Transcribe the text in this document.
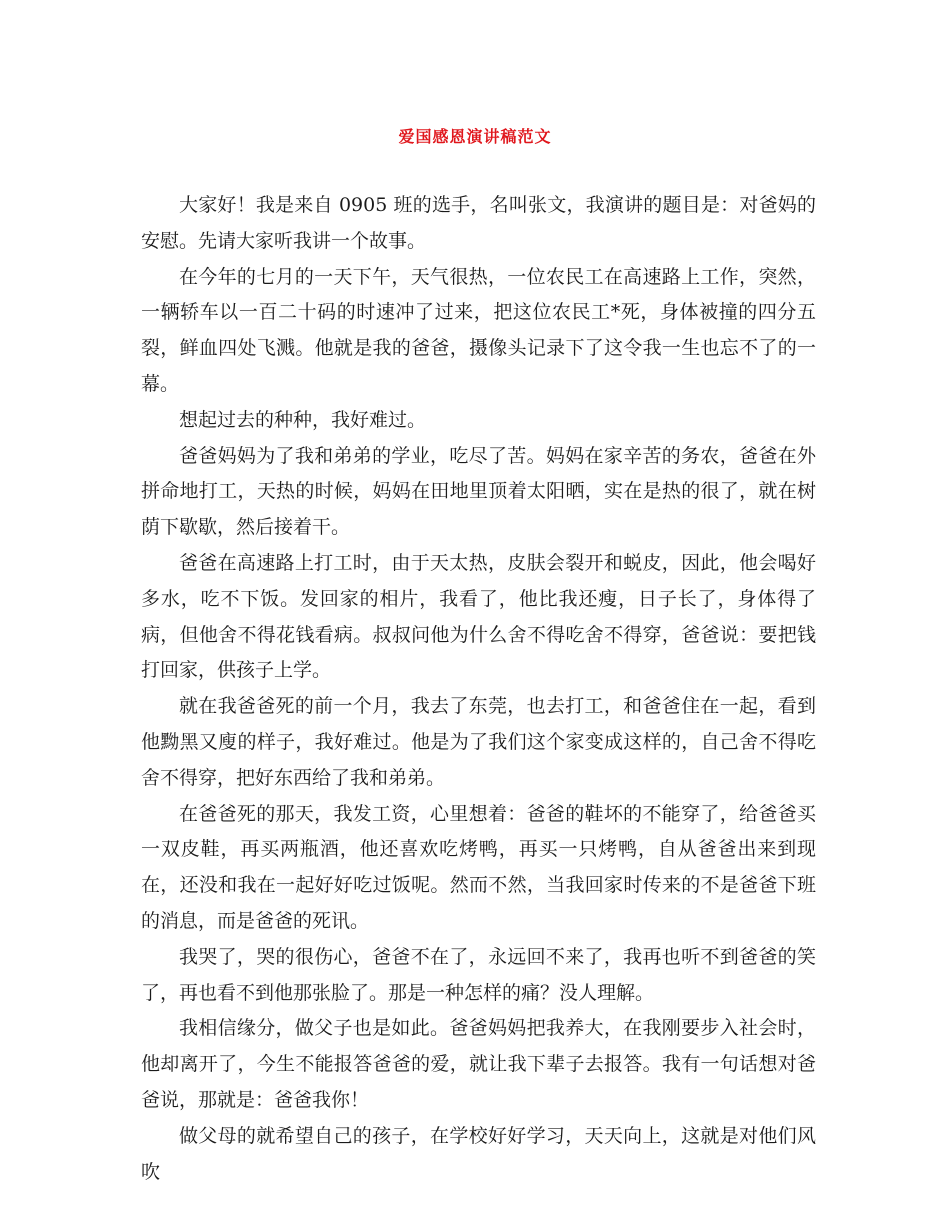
爱国感恩演讲稿范文

大家好！我是来自 0905 班的选手，名叫张文，我演讲的题目是：对爸妈的安慰。先请大家听我讲一个故事。

在今年的七月的一天下午，天气很热，一位农民工在高速路上工作，突然，一辆轿车以一百二十码的时速冲了过来，把这位农民工*死，身体被撞的四分五裂，鲜血四处飞溅。他就是我的爸爸，摄像头记录下了这令我一生也忘不了的一幕。

想起过去的种种，我好难过。

爸爸妈妈为了我和弟弟的学业，吃尽了苦。妈妈在家辛苦的务农，爸爸在外拼命地打工，天热的时候，妈妈在田地里顶着太阳晒，实在是热的很了，就在树荫下歇歇，然后接着干。

爸爸在高速路上打工时，由于天太热，皮肤会裂开和蜕皮，因此，他会喝好多水，吃不下饭。发回家的相片，我看了，他比我还瘦，日子长了，身体得了病，但他舍不得花钱看病。叔叔问他为什么舍不得吃舍不得穿，爸爸说：要把钱打回家，供孩子上学。

就在我爸爸死的前一个月，我去了东莞，也去打工，和爸爸住在一起，看到他黝黑又廋的样子，我好难过。他是为了我们这个家变成这样的，自己舍不得吃舍不得穿，把好东西给了我和弟弟。

在爸爸死的那天，我发工资，心里想着：爸爸的鞋坏的不能穿了，给爸爸买一双皮鞋，再买两瓶酒，他还喜欢吃烤鸭，再买一只烤鸭，自从爸爸出来到现在，还没和我在一起好好吃过饭呢。然而不然，当我回家时传来的不是爸爸下班的消息，而是爸爸的死讯。

我哭了，哭的很伤心，爸爸不在了，永远回不来了，我再也听不到爸爸的笑了，再也看不到他那张脸了。那是一种怎样的痛？没人理解。

我相信缘分，做父子也是如此。爸爸妈妈把我养大，在我刚要步入社会时，他却离开了，今生不能报答爸爸的爱，就让我下辈子去报答。我有一句话想对爸爸说，那就是：爸爸我你！

做父母的就希望自己的孩子，在学校好好学习，天天向上，这就是对他们风吹
